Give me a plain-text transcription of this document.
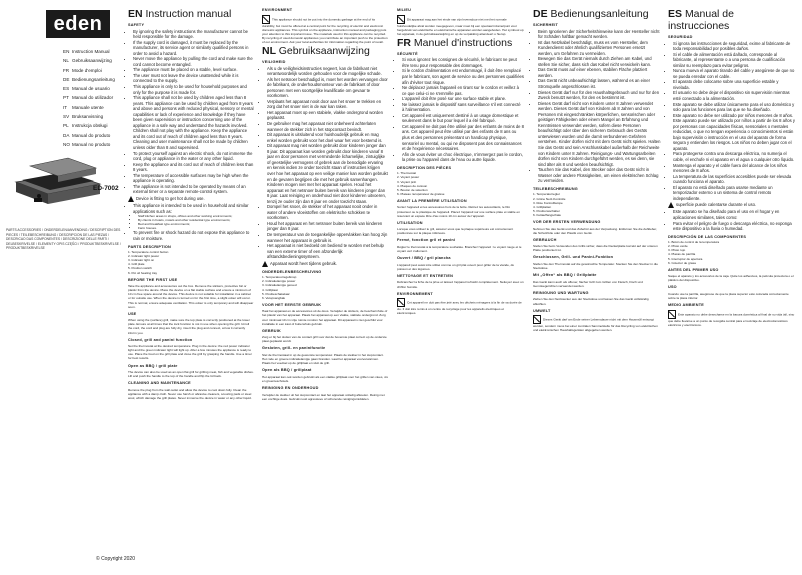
eden
EN Instruction Manual
NL Gebruiksaanwijzing
FR Mode d'emploi
DE Bedienungsanleitung
ES Manual de usuario
PT Manual do utilizador
IT Manuale utente
SV Bruksanvisning
PL Instrukcja obsługi
DA Manual do produto
NO Manual no produto
ED-7002
PARTS ACCESSORIES / ONDERDELEN/ANVENDING / DESCRIPTION DES PIECES / TEILEBESCHREIBUNG / DESCRIPCION DE LAS PIEZAS / DESCRICAO DAS COMPONENTES / DESCRIZIONE DELLE PARTI / DELBESKRIVELSE / ELEMENTY OPIS CZĘŚCI / PRODUKTBESKRIVELSE / PRODUKTBESKRIVELSE
© Copyright 2020
EN Instruction manual
SAFETY
• By ignoring the safety instructions the manufacturer cannot be held responsible for the damage.
• If the supply cord is damaged, it must be replaced by the manufacturer, its service agent or similarly qualified persons in order to avoid a hazard.
• Never move the appliance by pulling the cord and make sure the cord cannot become entangled.
• The appliance must be placed on a stable, level surface.
• The user must not leave the device unattended while it is connected to the supply.
• This appliance is only to be used for household purposes and only for the purpose it is made for.
• This appliance shall not be used by children aged less than 8 years. This appliance can be used by children aged from 8 years and above and persons with reduced physical, sensory or mental capabilities or lack of experience and knowledge if they have been given supervision or instruction concerning use of the appliance in a safe way and understand the hazards involved. Children shall not play with the appliance. Keep the appliance and its cord out of reach of children aged less than 8 years. Cleaning and user maintenance shall not be made by children unless older than 8 and supervised.
• To protect yourself against an electric shock, do not immerse the cord, plug or appliance in the water or any other liquid.
• Keep the appliance and its cord out of reach of children less than 8 years.
• The temperature of accessible surfaces may be high when the appliance is operating.
• The appliance is not intended to be operated by means of an external timer or a separate remote-control system.

Device is fitting to get hot during use.

• This appliance is intended to be used in household and similar applications such as:
• Staff kitchen areas in shops, offices and other working environments;
• By clients in hotels, motels and other residential type environments;
• Bed and breakfast type environments;
• Farm houses.
• To prevent fire or shock hazard do not expose this appliance to rain or moisture.
PARTS DESCRIPTION
1. Temperature control button
2. Indicator light power
3. Indicator light on
4. Grill plate
5. Position switch
6. Pot oil heating tray
BEFORE THE FIRST USE

Take the appliance and accessories out the box. Remove the stickers, protective foil or plastic from the device. Place the device on a flat stable surface and ensure a minimum of 10 cm free space around the device. This device is not suitable for installation in a cabinet or for outside use. When the device is turned on for the first time, a slight odour will occur. This is normal, ensure adequate ventilation. This odour is only temporary and will disappear soon.

USE

When using the (surface) grill, make sure the top plate is correctly positioned at the lower plate. Ensure at all times that the lock function is not in use when opening the grill. Unroll the cord, the cord and plug are fully dry, insert the plug and connect, at low it currently inform you.

Closed, grill and panini function

Set the thermostat at the desired temperature. Plug in the device: the red power indicator light and the green indicator light will light up. After a few minutes the appliance is ready to use. Place the food on the grill plate and close the grill by grasping the handle. Use a timer for best results.

Open as BBQ / grill plate

The device can also be used as an open flat grill for grilling meat, fish and vegetable dishes. Lift and push the handle to the top of the handle and flip the lid back.

CLEANING AND MAINTENANCE

Remove the plug from the wall outlet and allow the device to cool down fully. Clean the appliance with a damp cloth. Never use harsh or abrasive cleaners, scouring pads or steel wool, which damage the grill plates. Never immerse the device in water or any other liquid.

ENVIRONMENT

This appliance should not be put into the domestic garbage at the end of its durability, but must be offered at a central point for the recycling of electric and electronic domestic appliances. This symbol on the appliance, instruction manual and packaging puts your attention to this important issue. The materials used in this appliance can be recycled. By recycling of used domestic appliances you contribute an important push to the protection of our environment. Ask your local authorities for information regarding the point of recall.

NL Gebruiksaanwijzing
VEILIGHEID
• Als u de veiligheidsinstructies negeert, kan de fabrikant niet verantwoordelijk worden gehouden voor de mogelijke schade.
• Als het netsnoer beschadigd is, moet het worden vervangen door de fabrikant, de onderhoudsmonteur van de fabrikant of door personen met een soortgelijke kwalificatie om gevaar te voorkomen.
• Verplaats het apparaat nooit door aan het snoer te trekken en zorg dat het snoer niet in de war kan raken.
• Het apparaat moet op een stabiele, vlakke ondergrond worden geplaatst.
• De gebruiker mag het apparaat niet onbeheerd achterlaten wanneer de stekker zich in het stopcontact bevindt.
• Dit apparaat is uitsluitend voor huishoudelijk gebruik en mag enkel worden gebruikt voor het doel waar het voor bestemd is.
• Dit apparaat mag niet worden gebruikt door kinderen jonger dan 8 jaar. Dit apparaat kan worden gebruikt door kinderen vanaf 8 jaar en door personen met verminderde lichamelijke, zintuiglijke of geestelijke vermogens of gebrek aan de benodigde ervaring en kennis indien ze onder toezicht staan of instructies krijgen over hoe het apparaat op een veilige manier kan worden gebruikt en de gevaren begrijpen die met het gebruik samenhangen. Kinderen mogen niet met het apparaat spelen. Houd het apparaat en het netsnoer buiten bereik van kinderen jonger dan 8 jaar. Laat reiniging en onderhoud niet door kinderen uitvoeren, tenzij ze ouder zijn dan 8 jaar en onder toezicht staan.
• Dompel het snoer, de stekker of het apparaat nooit onder in water of andere vloeistoffen om elektrische schokken te voorkomen.
• Houd het apparaat en het netsnoer buiten bereik van kinderen jonger dan 8 jaar.
• De temperatuur van de toegankelijke oppervlakken kan hoog zijn wanneer het apparaat in gebruik is.
• Het apparaat is niet bedoeld om bediend te worden met behulp van een externe timer of een afzonderlijk afstandsbedieningssysteem.

Apparaat wordt heet tijdens gebruik.

ONDERDELENBESCHRIJVING
1. Temperatuurregelknop
2. Indicatielampje power
3. Indicatielampje gereed
4. Grillplaat
5. Positieschakelaar
6. Vetopvangbak
VOOR HET EERSTE GEBRUIK

Haal het apparaat en de accessoires uit de doos. Verwijder de stickers, de beschermfolie of het plastic van het apparaat. Plaats het apparaat op een vlakke, stabiele ondergrond. Zorg voor minimaal 10 cm vrije ruimte rondom het apparaat. Dit apparaat is niet geschikt voor installatie in een kast of buitenshuis gebruik.

GEBRUIK

Zorg er bij het sluiten van de contact grill voor dat de bovenste plaat correct op de onderste plaat geplaatst wordt.

Gesloten, grill- en paninifunctie

Stel de thermostaat in op de gewenste temperatuur. Plaats de stekker in het stopcontact. Het rode en groene indicatielampje gaan branden. Laat het apparaat voorverwarmen. Plaats het voedsel op de grillplaat en sluit de grill.

Open als BBQ / grillplaat

Het apparaat kan ook worden gebruikt als een vlakke grillplaat voor het grillen van vlees, vis en groenteschotels.

REINIGING EN ONDERHOUD

Verwijder de stekker uit het stopcontact en laat het apparaat volledig afkoelen. Reinig met een vochtige doek. Gebruik nooit agressieve of schurende reinigingsmiddelen.

MILIEU

Dit apparaat mag aan het einde van zijn levensduur niet met het normale huishoudelijke afval worden meegegeven, maar moet bij een speciaal inzamelpunt voor hergebruik van elektrische en elektronische apparaten worden aangeboden. Het symbool op het apparaat, in de gebruiksaanwijzing en op de verpakking attendeert u hierop.

FR Manuel d'instructions
SÉCURITÉ
• Si vous ignorez les consignes de sécurité, le fabricant ne peut être tenu pour responsable des dommages.
• Si le cordon d'alimentation est endommagé, il doit être remplacé par le fabricant, son agent de service ou des personnes qualifiées afin d'éviter tout risque.
• Ne déplacez jamais l'appareil en tirant sur le cordon et veillez à ce que celui-ci ne s'emmêle pas.
• L'appareil doit être posé sur une surface stable et plane.
• Ne laissez jamais le dispositif sans surveillance s'il est connecté à l'alimentation.
• Cet appareil est uniquement destiné à un usage domestique et seulement dans le but pour lequel il a été fabriqué.
• Cet appareil ne doit pas être utilisé par des enfants de moins de 8 ans. Cet appareil peut être utilisé par des enfants de 8 ans ou plus et des personnes présentant un handicap physique, sensoriel ou mental, ou qui ne disposent pas des connaissances et de l'expérience nécessaires.
• Afin de vous éviter un choc électrique, n'immergez pas le cordon, la prise ou l'appareil dans de l'eau ou autre liquide.
DESCRIPTION DES PIÈCES
1. Thermostat
2. Voyant power
3. Voyant prêt
4. Plaques de cuisson
5. Bouton de sélection
6. Plateau récupérateur de graisse
AVANT LA PREMIÈRE UTILISATION

Sortez l'appareil et les accessoires hors de la boîte. Retirez les autocollants, le film protecteur ou le plastique de l'appareil. Placez l'appareil sur une surface plate et stable en réservant un espace libre d'au moins 10 cm autour de l'appareil.

UTILISATION

Lorsque vous utilisez le gril, assurez-vous que la plaque supérieure est correctement positionnée sur la plaque inférieure.

Fermé, fonction gril et panini

Réglez le thermostat à la température souhaitée. Branchez l'appareil : le voyant rouge et le voyant vert s'allument.

Ouvert / BBQ / gril plancha

L'appareil peut aussi être utilisé comme un gril plat ouvert pour griller de la viande, du poisson et des légumes.

NETTOYAGE ET ENTRETIEN

Débranchez la fiche de la prise et laissez l'appareil refroidir complètement. Nettoyez avec un chiffon humide.

ENVIRONNEMENT

Cet appareil ne doit pas être jeté avec les déchets ménagers à la fin de sa durée de vie. Il doit être remis à un centre de recyclage pour les appareils électriques et électroniques.

DE Bedienungsanleitung
SICHERHEIT
• Beim Ignorieren der Sicherheitshinweise kann der Hersteller nicht für Schäden haftbar gemacht werden.
• Ist das Netzkabel beschädigt, muss es vom Hersteller, dem Kundendienst oder ähnlich qualifizierten Personen ersetzt werden, um Gefahren zu vermeiden.
• Bewegen Sie das Gerät niemals durch Ziehen am Kabel, und stellen Sie sicher, dass sich das Kabel nicht verwickeln kann.
• Das Gerät muss auf einer ebenen, stabilen Fläche platziert werden.
• Das Gerät nicht unbeaufsichtigt lassen, während es an einer Stromquelle angeschlossen ist.
• Dieses Gerät darf nur für den Haushaltsgebrauch und nur für den Zweck benutzt werden, für den es bestimmt ist.
• Dieses Gerät darf nicht von Kindern unter 8 Jahren verwendet werden. Dieses Gerät darf von Kindern ab 8 Jahren und von Personen mit eingeschränkten körperlichen, sensorischen oder geistigen Fähigkeiten oder einem Mangel an Erfahrung und Kenntnissen verwendet werden, sofern diese Personen beaufsichtigt oder über den sicheren Gebrauch des Geräts unterwiesen wurden und die damit verbundenen Gefahren verstehen. Kinder dürfen nicht mit dem Gerät nicht spielen. Halten Sie das Gerät und sein Anschlusskabel außerhalb der Reichweite von Kindern unter 8 Jahren. Reinigungs- und Wartungsarbeiten dürfen nicht von Kindern durchgeführt werden, es sei denn, sie sind älter als 8 und werden beaufsichtigt.
• Tauchen Sie das Kabel, den Stecker oder das Gerät nicht in Wasser oder andere Flüssigkeiten, um einen elektrischen Schlag zu vermeiden.
TEILEBESCHREIBUNG
1. Temperaturregler
2. Grüne Netz-Kontrolle
3. Rote Kontrolllampe
4. Grillplatten
5. Positionsschalter
6. Fettauffangschale
VOR DER ERSTEN VERWENDUNG

Nehmen Sie das Gerät und das Zubehör aus der Verpackung. Entfernen Sie die Aufkleber, die Schutzfolie oder den Plastik vom Gerät.

GEBRAUCH

Stellen Sie beim Verwenden des Grills sicher, dass die Deckelplatte korrekt auf der unteren Platte positioniert ist.

Geschlossen, Grill- und Panini-Funktion

Stellen Sie den Thermostat auf die gewünschte Temperatur. Stecken Sie den Stecker in die Steckdose.

Mit „Offen“ als BBQ / Grillplatte

Das Gerät kann auch als offener, flacher Grill zum Grillen von Fleisch, Fisch und Gemüsegerichten verwendet werden.

REINIGUNG UND WARTUNG

Ziehen Sie den Netzstecker aus der Steckdose und lassen Sie das Gerät vollständig abkühlen.

UMWELT

Dieses Gerät darf am Ende seiner Lebensdauer nicht mit dem Hausmüll entsorgt werden, sondern muss bei einer zentralen Sammelstelle für das Recycling von elektrischen und elektronischen Haushaltsgeräten abgegeben werden.

ES Manual de instrucciones
SEGURIDAD
• Si ignora las instrucciones de seguridad, exime al fabricante de toda responsabilidad por posibles daños.
• Si el cable de alimentación está dañado, corresponde al fabricante, al representante o a una persona de cualificación similar su reemplazo para evitar peligros.
• Nunca mueva el aparato tirando del cable y asegúrese de que no se pueda enredar con el cable.
• El aparato debe colocarse sobre una superficie estable y nivelada.
• El usuario no debe dejar el dispositivo sin supervisión mientras esté conectado a la alimentación.
• Este aparato se debe utilizar únicamente para el uso doméstico y solo para las funciones para las que se ha diseñado.
• Este aparato no debe ser utilizado por niños menores de 8 años. Este aparato puede ser utilizado por niños a partir de los 8 años y por personas con capacidades físicas, sensoriales o mentales reducidas, o que no tengan experiencia o conocimientos si están bajo supervisión o instrucción en el uso del aparato de forma segura y entienden los riesgos. Los niños no deben jugar con el aparato.
• Para protegerse contra una descarga eléctrica, no sumerja el cable, el enchufe ni el aparato en el agua o cualquier otro líquido.
• Mantenga el aparato y el cable fuera del alcance de los niños menores de 8 años.
• La temperatura de las superficies accesibles puede ser elevada cuando funciona el aparato.
• El aparato no está diseñado para usarse mediante un temporizador externo o un sistema de control remoto independiente.

superficie puede calentarse durante el uso.

• Este aparato se ha diseñado para el uso en el hogar y en aplicaciones similares, tales como:
• Para evitar el peligro de fuego o descarga eléctrica, no exponga este dispositivo a la lluvia o humedad.
DESCRIPCIÓN DE LAS COMPONENTES
1. Botón de control de la temperatura
2. Piloto verde
3. Piloto rojo
4. Placas de parrilla
5. Interruptor de apertura
6. Colector de grasa
ANTES DEL PRIMER USO

Saque el aparato y los accesorios de la caja. Quite los adhesivos, la película protectora o el plástico del dispositivo.

USO

Cuando use la parrilla, asegúrese de que la placa superior esté colocada correctamente sobre la placa inferior.

MEDIO AMBIENTE

Este aparato no debe desecharse en la basura doméstica al final de su vida útil, sino que debe llevarse a un punto de recogida central para el reciclaje de electrodomésticos eléctricos y electrónicos.
